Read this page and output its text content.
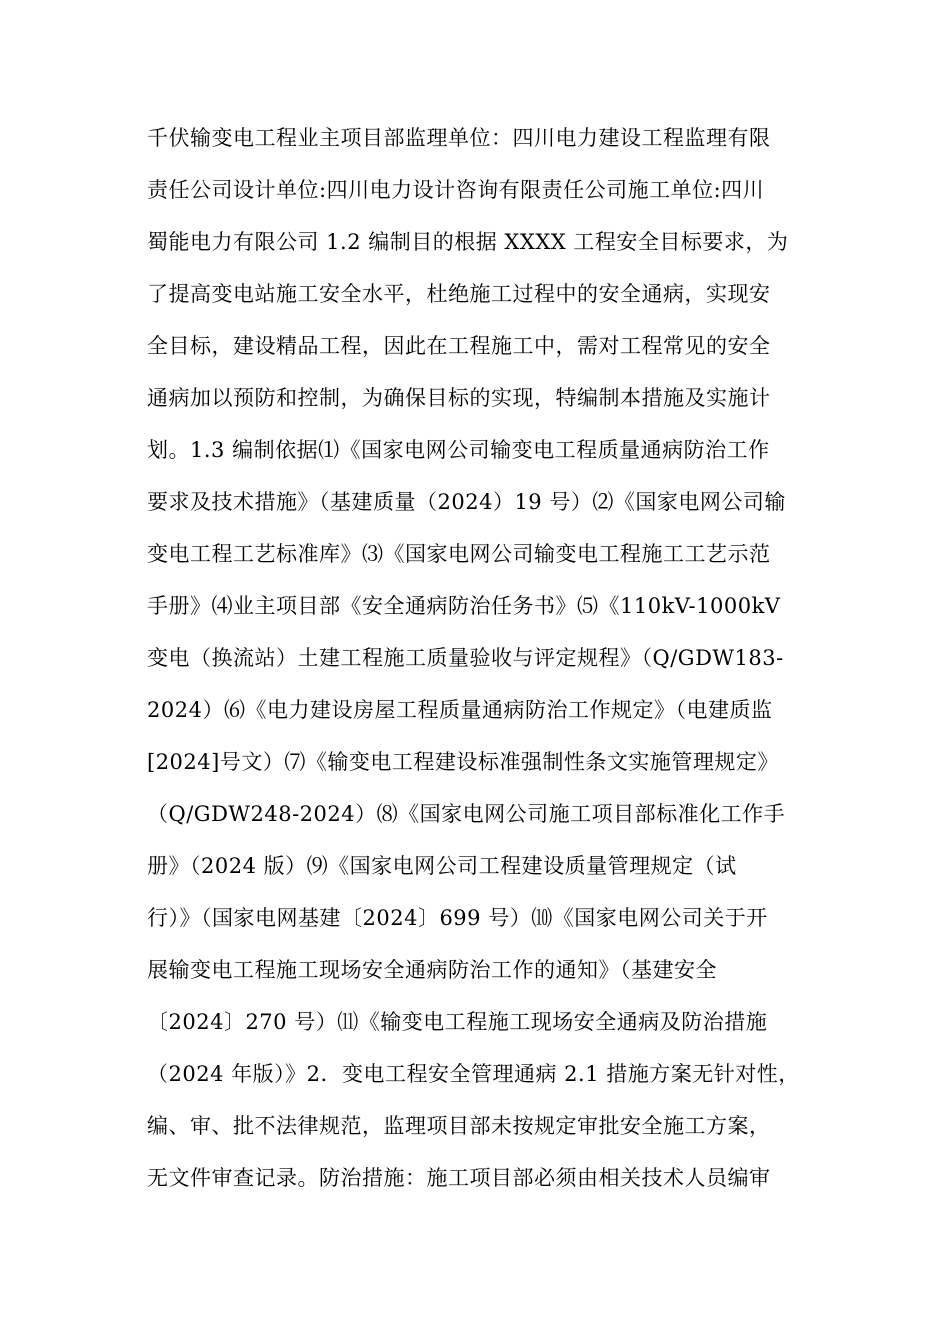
千伏输变电工程业主项目部监理单位：四川电力建设工程监理有限
责任公司设计单位:四川电力设计咨询有限责任公司施工单位:四川
蜀能电力有限公司 1.2 编制目的根据 XXXX 工程安全目标要求，为
了提高变电站施工安全水平，杜绝施工过程中的安全通病，实现安
全目标，建设精品工程，因此在工程施工中，需对工程常见的安全
通病加以预防和控制，为确保目标的实现，特编制本措施及实施计
划。1.3 编制依据⑴《国家电网公司输变电工程质量通病防治工作
要求及技术措施》（基建质量（2024）19 号）⑵《国家电网公司输
变电工程工艺标准库》⑶《国家电网公司输变电工程施工工艺示范
手册》⑷业主项目部《安全通病防治任务书》⑸《110kV-1000kV
变电（换流站）土建工程施工质量验收与评定规程》（Q/GDW183-
2024）⑹《电力建设房屋工程质量通病防治工作规定》（电建质监
[2024]号文）⑺《输变电工程建设标准强制性条文实施管理规定》
（Q/GDW248-2024）⑻《国家电网公司施工项目部标准化工作手
册》（2024 版）⑼《国家电网公司工程建设质量管理规定（试
行）》（国家电网基建〔2024〕699 号）⑽《国家电网公司关于开
展输变电工程施工现场安全通病防治工作的通知》（基建安全
〔2024〕270 号）⑾《输变电工程施工现场安全通病及防治措施
（2024 年版）》2．变电工程安全管理通病 2.1 措施方案无针对性，
编、审、批不法律规范，监理项目部未按规定审批安全施工方案，
无文件审查记录。防治措施：施工项目部必须由相关技术人员编审
